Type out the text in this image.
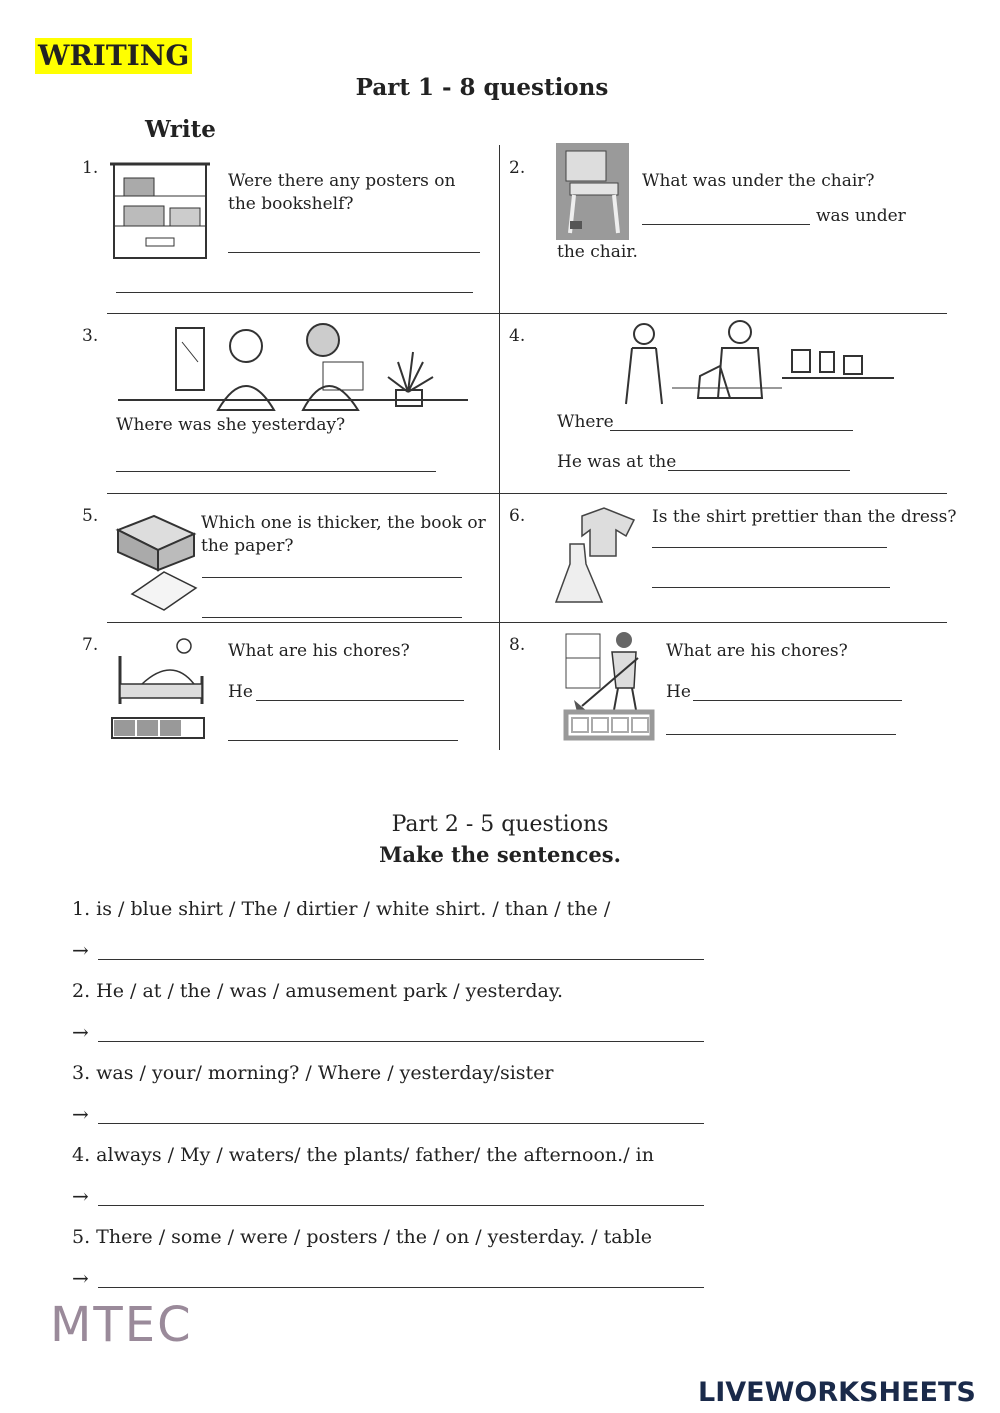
WRITING
Part 1 - 8 questions
Write
1.
Were there any posters on the bookshelf?
2.
What was under the chair?
was under
the chair.
3.
Where was she yesterday?
4.
Where
He was at the
5.	Which one is thicker, the book or the paper?
6.	Is the shirt prettier than the dress?
7.	What are his chores?
He
8.	What are his chores?
He
Part 2 - 5 questions
Make the sentences.
1. is / blue shirt / The / dirtier / white shirt. / than / the /
→
2. He / at / the / was / amusement park / yesterday.
→
3. was / your/ morning? / Where / yesterday/sister
→
4. always / My / waters/ the plants/ father/ the afternoon./ in
→
5. There / some / were / posters / the / on / yesterday. / table
→
MTEC
LIVEWORKSHEETS
